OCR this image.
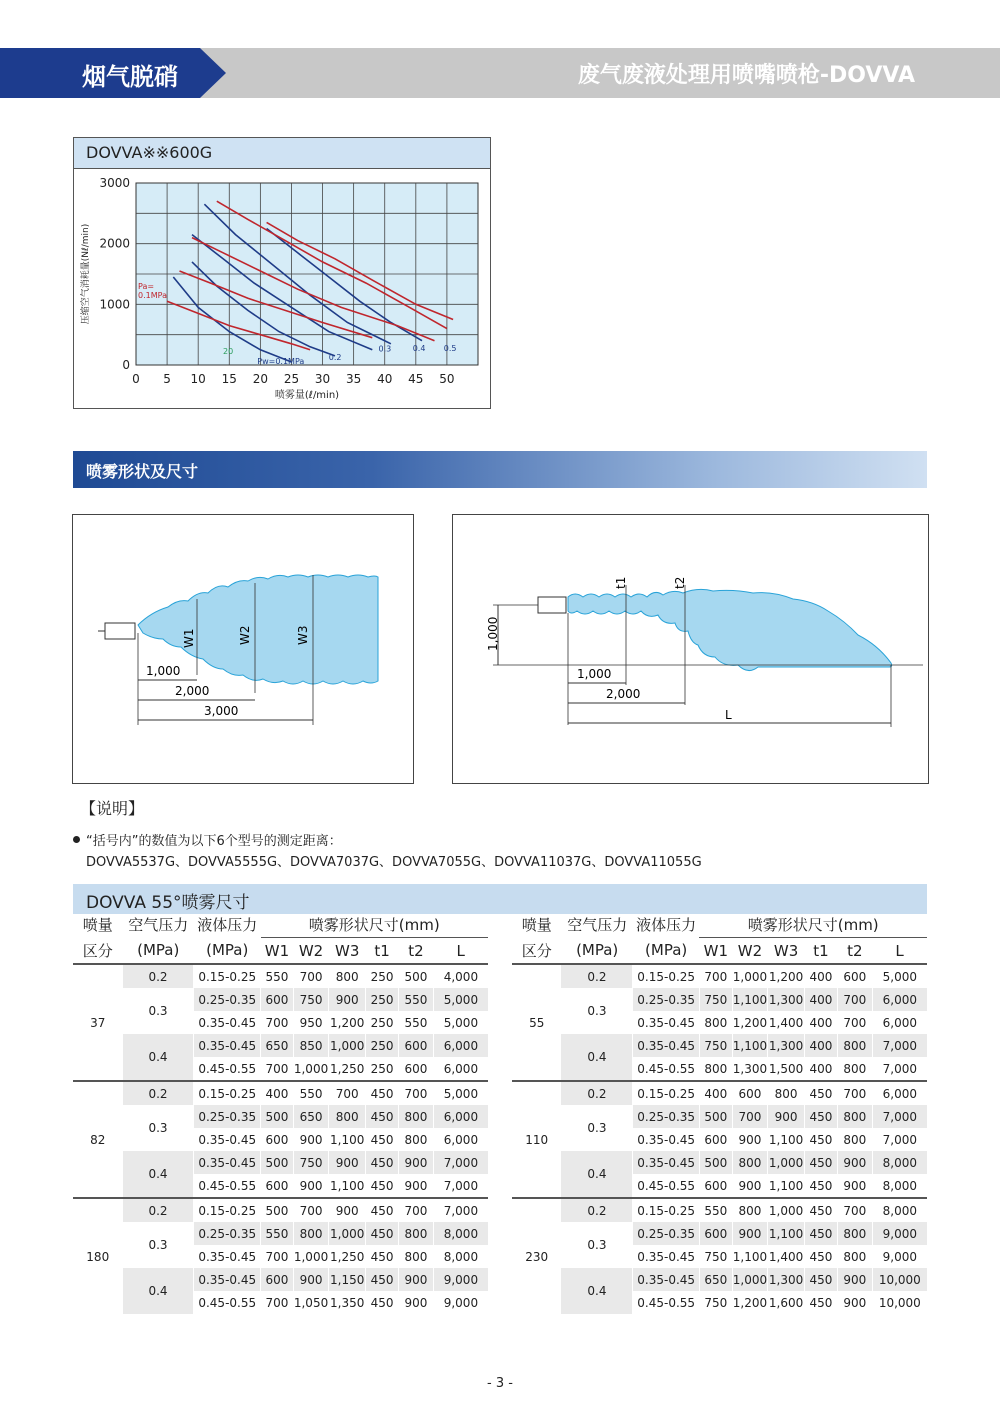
烟气脱硝	废气废液处理用喷嘴喷枪-DOVVA
DOVVA※※600G
0 5 10 15 20 25 30 35 40 45 50
0
1000
2000
3000
喷雾量(ℓ/min)
压缩空气消耗量(Nℓ/min)	Pa=
0.1MPa
20
Pw=0.1MPa	0.2
0.3	0.4 0.5
喷雾形状及尺寸
W1	W2	W3
1,000
2,000
3,000
1,000
t1	t2
1,000
2,000
L
【说明】
“括号内”的数值为以下6个型号的测定距离：
DOVVA5537G、DOVVA5555G、DOVVA7037G、DOVVA7055G、DOVVA11037G、DOVVA11055G
DOVVA 55°喷雾尺寸
喷量	空气压力	液体压力	喷雾形状尺寸(mm)					
区分	(MPa)	(MPa)	W1	W2	W3	t1	t2	L
37	0.2	0.15-0.25	550	700	800	250	500	4,000
	0.3	0.25-0.35	600	750	900	250	550	5,000
		0.35-0.45	700	950	1,200	250	550	5,000
	0.4	0.35-0.45	650	850	1,000	250	600	6,000
		0.45-0.55	700	1,000	1,250	250	600	6,000
82	0.2	0.15-0.25	400	550	700	450	700	5,000
	0.3	0.25-0.35	500	650	800	450	800	6,000
		0.35-0.45	600	900	1,100	450	800	6,000
	0.4	0.35-0.45	500	750	900	450	900	7,000
		0.45-0.55	600	900	1,100	450	900	7,000
180	0.2	0.15-0.25	500	700	900	450	700	7,000
	0.3	0.25-0.35	550	800	1,000	450	800	8,000
		0.35-0.45	700	1,000	1,250	450	800	8,000
	0.4	0.35-0.45	600	900	1,150	450	900	9,000
		0.45-0.55	700	1,050	1,350	450	900	9,000
喷量	空气压力	液体压力	喷雾形状尺寸(mm)					
区分	(MPa)	(MPa)	W1	W2	W3	t1	t2	L
55	0.2	0.15-0.25	700	1,000	1,200	400	600	5,000
	0.3	0.25-0.35	750	1,100	1,300	400	700	6,000
		0.35-0.45	800	1,200	1,400	400	700	6,000
	0.4	0.35-0.45	750	1,100	1,300	400	800	7,000
		0.45-0.55	800	1,300	1,500	400	800	7,000
110	0.2	0.15-0.25	400	600	800	450	700	6,000
	0.3	0.25-0.35	500	700	900	450	800	7,000
		0.35-0.45	600	900	1,100	450	800	7,000
	0.4	0.35-0.45	500	800	1,000	450	900	8,000
		0.45-0.55	600	900	1,100	450	900	8,000
230	0.2	0.15-0.25	550	800	1,000	450	700	8,000
	0.3	0.25-0.35	600	900	1,100	450	800	9,000
		0.35-0.45	750	1,100	1,400	450	800	9,000
	0.4	0.35-0.45	650	1,000	1,300	450	900	10,000
		0.45-0.55	750	1,200	1,600	450	900	10,000
- 3 -
